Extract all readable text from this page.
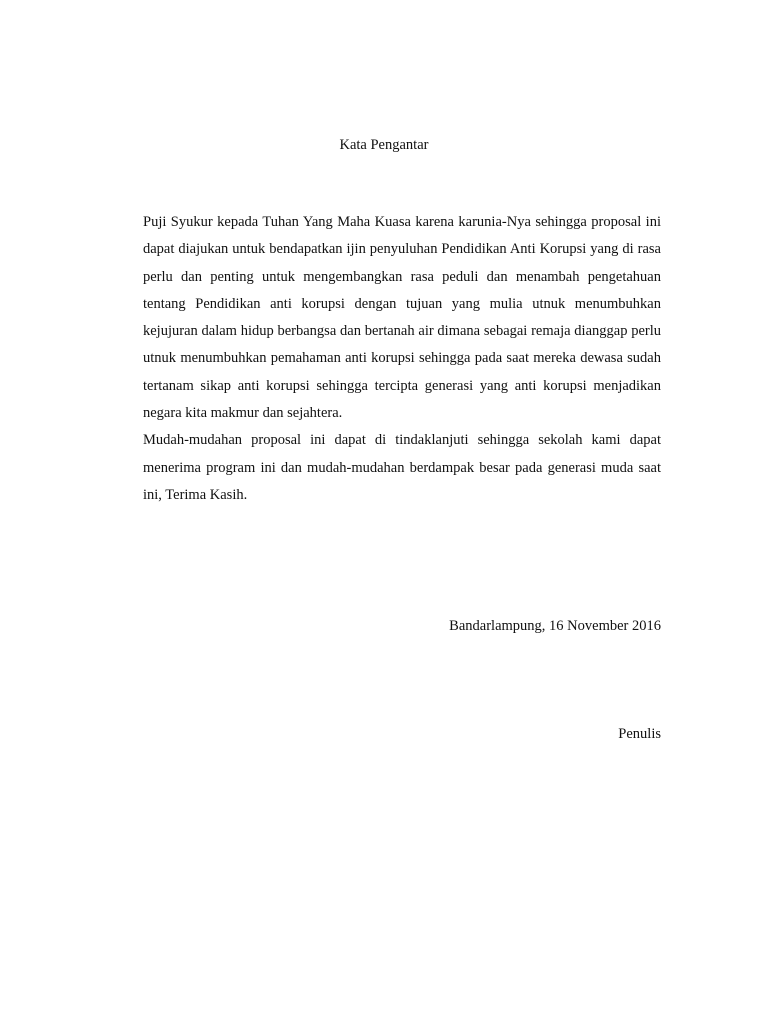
Kata Pengantar

Puji Syukur kepada Tuhan Yang Maha Kuasa karena karunia-Nya sehingga proposal ini dapat diajukan untuk bendapatkan ijin penyuluhan Pendidikan Anti Korupsi yang di rasa perlu dan penting untuk mengembangkan rasa peduli dan menambah pengetahuan tentang Pendidikan anti korupsi dengan tujuan yang mulia utnuk menumbuhkan kejujuran dalam hidup berbangsa dan bertanah air dimana sebagai remaja dianggap perlu utnuk menumbuhkan pemahaman anti korupsi sehingga pada saat mereka dewasa sudah tertanam sikap anti korupsi sehingga tercipta generasi yang anti korupsi menjadikan negara kita makmur dan sejahtera.

Mudah-mudahan proposal ini dapat di tindaklanjuti sehingga sekolah kami dapat menerima program ini dan mudah-mudahan berdampak besar pada generasi muda saat ini, Terima Kasih.

Bandarlampung, 16 November 2016
Penulis
